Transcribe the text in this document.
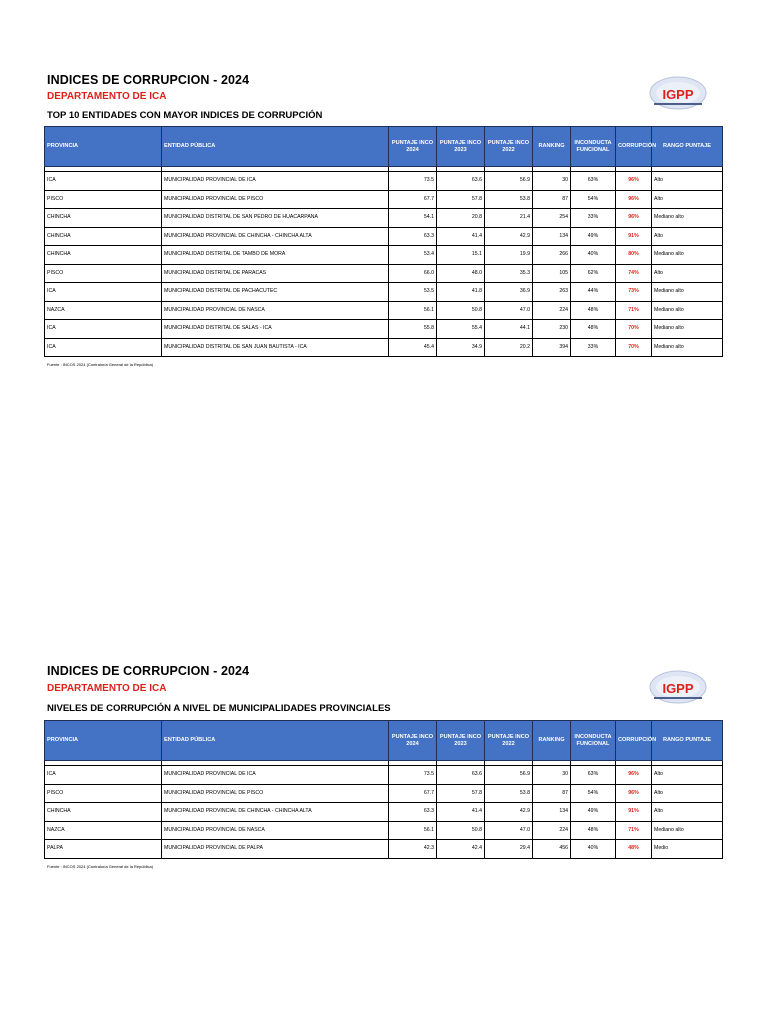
INDICES DE CORRUPCION - 2024
DEPARTAMENTO DE ICA
TOP 10 ENTIDADES CON MAYOR INDICES DE CORRUPCIÓN
IGPP
PROVINCIA	ENTIDAD PÚBLICA	PUNTAJE INCO 2024	PUNTAJE INCO 2023	PUNTAJE INCO 2022	RANKING	INCONDUCTA FUNCIONAL	CORRUPCIÓN	RANGO PUNTAJE

ICA	MUNICIPALIDAD PROVINCIAL DE ICA	73.5	63.6	56.9	30	63%	96%	Alto
PISCO	MUNICIPALIDAD PROVINCIAL DE PISCO	67.7	57.8	53.8	87	54%	96%	Alto
CHINCHA	MUNICIPALIDAD DISTRITAL DE SAN PEDRO DE HUACARPANA	54.1	20.8	21.4	254	33%	96%	Mediano alto
CHINCHA	MUNICIPALIDAD PROVINCIAL DE CHINCHA - CHINCHA ALTA	63.3	41.4	42.9	134	49%	91%	Alto
CHINCHA	MUNICIPALIDAD DISTRITAL DE TAMBO DE MORA	53.4	15.1	19.9	266	40%	80%	Mediano alto
PISCO	MUNICIPALIDAD DISTRITAL DE PARACAS	66.0	48.0	35.3	105	62%	74%	Alto
ICA	MUNICIPALIDAD DISTRITAL DE PACHACUTEC	53.5	41.8	36.9	263	44%	73%	Mediano alto
NAZCA	MUNICIPALIDAD PROVINCIAL DE NASCA	56.1	50.8	47.0	224	48%	71%	Mediano alto
ICA	MUNICIPALIDAD DISTRITAL DE SALAS - ICA	55.8	55.4	44.1	230	48%	70%	Mediano alto
ICA	MUNICIPALIDAD DISTRITAL DE SAN JUAN BAUTISTA - ICA	45.4	34.9	20.2	394	33%	70%	Mediano alto
Fuente : INCOS 2024 (Contraloría General de la República)
INDICES DE CORRUPCION - 2024
DEPARTAMENTO DE ICA
NIVELES DE CORRUPCIÓN A NIVEL DE MUNICIPALIDADES PROVINCIALES
IGPP
PROVINCIA	ENTIDAD PÚBLICA	PUNTAJE INCO 2024	PUNTAJE INCO 2023	PUNTAJE INCO 2022	RANKING	INCONDUCTA FUNCIONAL	CORRUPCIÓN	RANGO PUNTAJE

ICA	MUNICIPALIDAD PROVINCIAL DE ICA	73.5	63.6	56.9	30	63%	96%	Alto
PISCO	MUNICIPALIDAD PROVINCIAL DE PISCO	67.7	57.8	53.8	87	54%	96%	Alto
CHINCHA	MUNICIPALIDAD PROVINCIAL DE CHINCHA - CHINCHA ALTA	63.3	41.4	42.9	134	49%	91%	Alto
NAZCA	MUNICIPALIDAD PROVINCIAL DE NASCA	56.1	50.8	47.0	224	48%	71%	Mediano alto
PALPA	MUNICIPALIDAD PROVINCIAL DE PALPA	42.3	42.4	29.4	456	40%	48%	Medio
Fuente : INCOS 2024 (Contraloría General de la República)
